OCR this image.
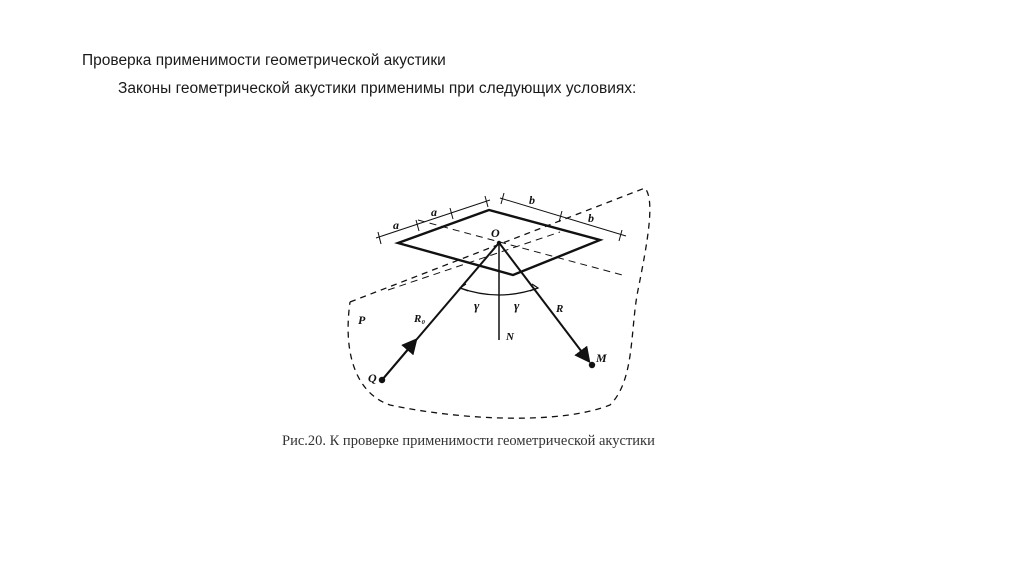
Проверка применимости геометрической акустики
Законы геометрической акустики применимы при следующих условиях:
a
a
b
b
O
γ	γ
N
R₀
R
P
Q
M
Рис.20. К проверке применимости геометрической акустики
